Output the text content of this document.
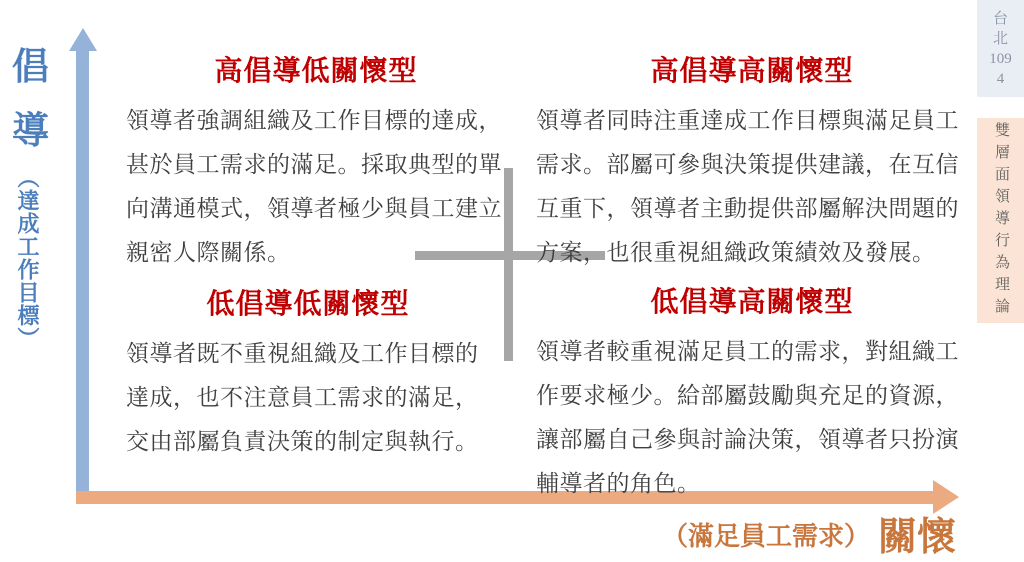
倡
導
（達成工作目標）
（滿足員工需求） 關懷
高倡導低關懷型
領導者強調組織及工作目標的達成，甚於員工需求的滿足。採取典型的單向溝通模式，領導者極少與員工建立親密人際關係。
高倡導高關懷型
領導者同時注重達成工作目標與滿足員工需求。部屬可參與決策提供建議，在互信互重下，領導者主動提供部屬解決問題的方案，也很重視組織政策績效及發展。
低倡導低關懷型
領導者既不重視組織及工作目標的達成，也不注意員工需求的滿足，交由部屬負責決策的制定與執行。
低倡導高關懷型
領導者較重視滿足員工的需求，對組織工作要求極少。給部屬鼓勵與充足的資源，讓部屬自己參與討論決策，領導者只扮演輔導者的角色。
台
北
109
4
雙層面領導行為理論
